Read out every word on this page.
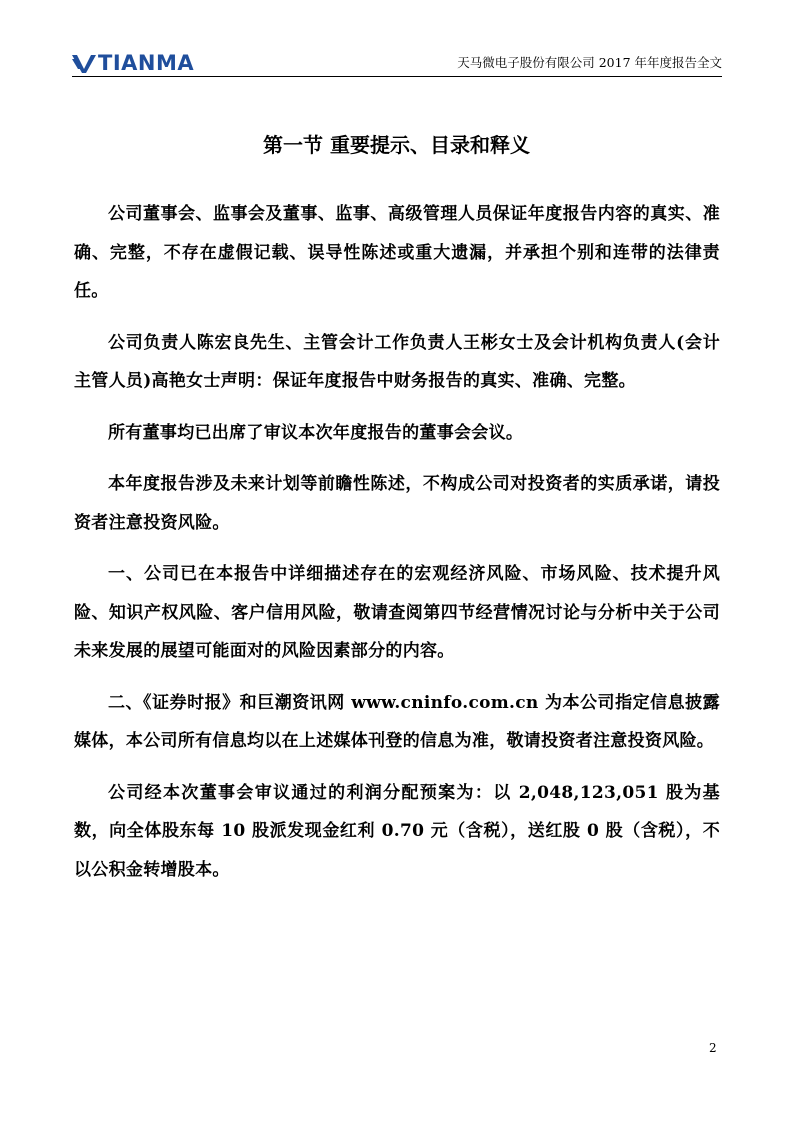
TIANMA	天马微电子股份有限公司 2017 年年度报告全文
第一节 重要提示、目录和释义

公司董事会、监事会及董事、监事、高级管理人员保证年度报告内容的真实、准确、完整，不存在虚假记载、误导性陈述或重大遗漏，并承担个别和连带的法律责任。

公司负责人陈宏良先生、主管会计工作负责人王彬女士及会计机构负责人(会计主管人员)高艳女士声明：保证年度报告中财务报告的真实、准确、完整。

所有董事均已出席了审议本次年度报告的董事会会议。

本年度报告涉及未来计划等前瞻性陈述，不构成公司对投资者的实质承诺，请投资者注意投资风险。

一、公司已在本报告中详细描述存在的宏观经济风险、市场风险、技术提升风险、知识产权风险、客户信用风险，敬请查阅第四节经营情况讨论与分析中关于公司未来发展的展望可能面对的风险因素部分的内容。

二、《证券时报》和巨潮资讯网 www.cninfo.com.cn 为本公司指定信息披露媒体，本公司所有信息均以在上述媒体刊登的信息为准，敬请投资者注意投资风险。

公司经本次董事会审议通过的利润分配预案为：以 2,048,123,051 股为基数，向全体股东每 10 股派发现金红利 0.70 元（含税），送红股 0 股（含税），不以公积金转增股本。

2
